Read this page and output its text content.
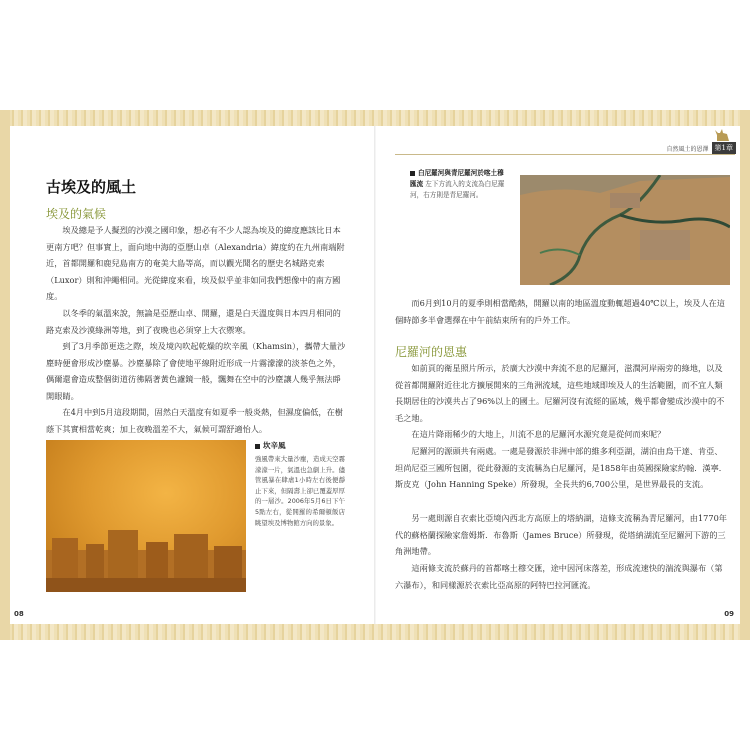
古埃及的風土
埃及的氣候
埃及總是予人擬烈的沙漠之國印象，想必有不少人認為埃及的緯度應該比日本更南方吧？但事實上，面向地中海的亞歷山卓（Alexandria）緯度約在九州南端附近，首都開羅和鹿兒島南方的奄美大島等高，而以觀光聞名的歷史名城路克索（Luxor）則和沖繩相同。光從緯度來看，埃及似乎並非如同我們想像中的南方國度。
以冬季的氣溫來說，無論是亞歷山卓、開羅，還是白天溫度與日本四月相同的路克索及沙漠綠洲等地，到了夜晚也必須穿上大衣禦寒。
到了3月季節更迭之際，埃及境內吹起乾燥的坎辛風（Khamsin），攜帶大量沙塵時便會形成沙塵暴。沙塵暴除了會使地平線附近形成一片霧濛濛的淡茶色之外，偶爾還會造成整個街道彷彿隔著黃色濾鏡一般，飄舞在空中的沙塵讓人幾乎無法睜開眼睛。
在4月中到5月這段期間，固然白天溫度有如夏季一般炎熱，但濕度偏低，在樹蔭下其實相當乾爽；加上夜晚溫差不大，氣候可謂舒適怡人。
坎辛風
強風帶來大量沙塵，造成天空霧濛濛一片，氣溫也急劇上升。儘管風暴在肆虐1小時左右後便靜止下來，但隔壽上卻已覆蓋厚厚的一層沙。2006年5月6日下午5點左右，從開羅的希爾頓飯店眺望埃及博物館方向的景象。
08
自然風土的恩澤 第1章
白尼羅河與青尼羅河於喀土穆匯流 左下方流入的支流為白尼羅河，右方則是青尼羅河。
而6月到10月的夏季則相當酷熱，開羅以南的地區溫度動輒超過40℃以上，埃及人在這個時節多半會選擇在中午前結束所有的戶外工作。
尼羅河的恩惠
如前頁的衛星照片所示，於廣大沙漠中奔流不息的尼羅河，滋潤河岸兩旁的綠地，以及從首都開羅附近往北方擴展開來的三角洲流域，這些地域即埃及人的生活範圍，而不宜人類長期居住的沙漠共占了96%以上的國土。尼羅河沒有流經的區域，幾乎都會變成沙漠中的不毛之地。
在這片降雨稀少的大地上，川流不息的尼羅河水源究竟是從何而來呢？
尼羅河的源頭共有兩處。一處是發源於非洲中部的維多利亞湖，湖泊由烏干達、肯亞、坦尚尼亞三國所包圍，從此發源的支流稱為白尼羅河，是1858年由英國探險家約翰．漢寧．斯皮克（John Hanning Speke）所發現，全長共約6,700公里，是世界最長的支流。
另一處則源自衣索比亞境內西北方高原上的塔納湖，這條支流稱為青尼羅河，由1770年代的蘇格蘭探險家詹姆斯．布魯斯（James Bruce）所發現，從塔納湖流至尼羅河下游的三角洲地帶。
這兩條支流於蘇丹的首都喀土穆交匯，途中因河床落差，形成流速快的湍流與瀑布（第六瀑布），和同樣源於衣索比亞高原的阿特巴拉河匯流。
09
